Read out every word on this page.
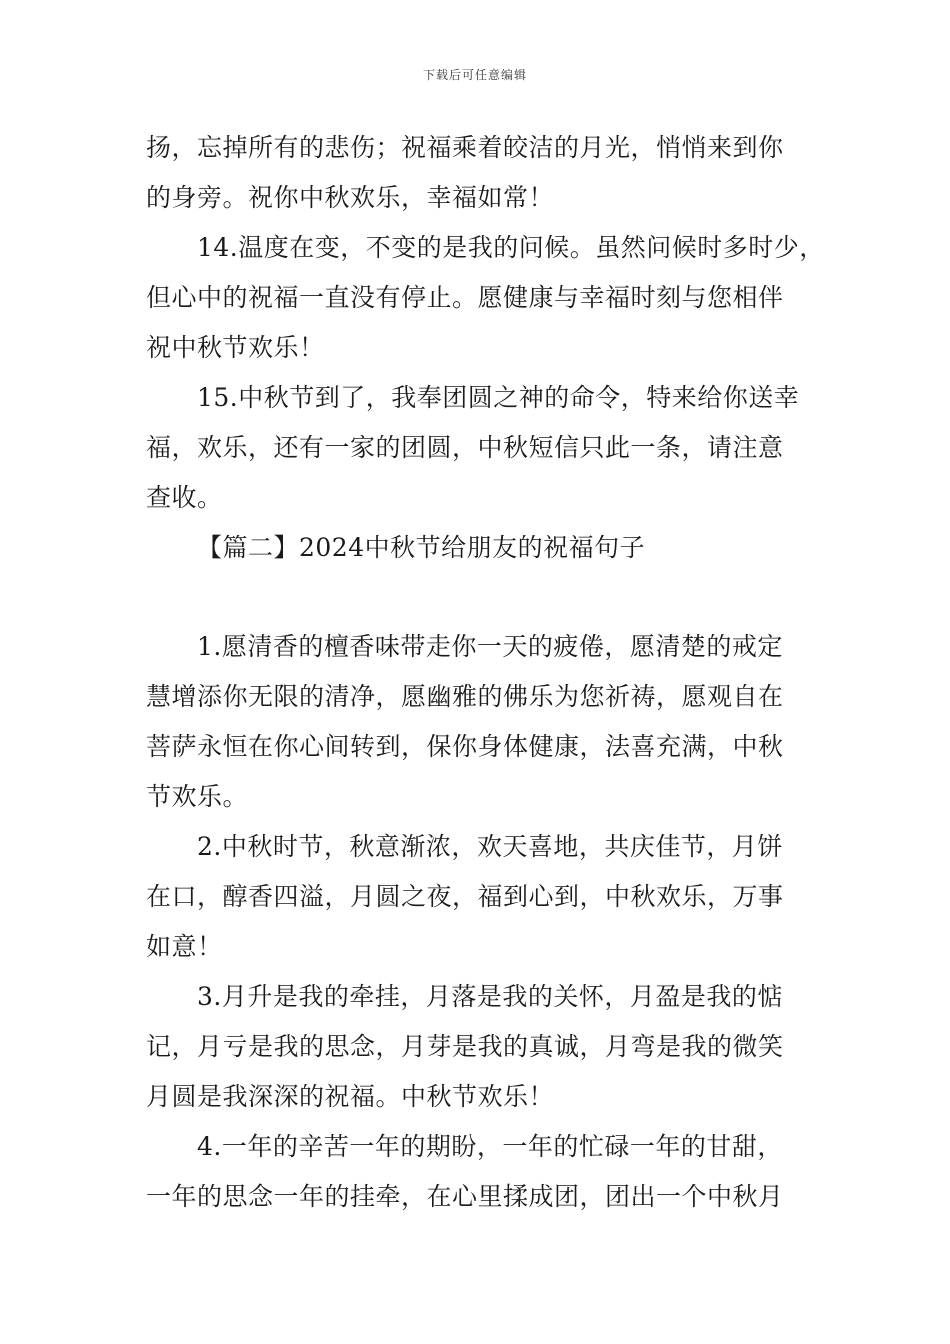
下载后可任意编辑
扬，忘掉所有的悲伤；祝福乘着皎洁的月光，悄悄来到你
的身旁。祝你中秋欢乐，幸福如常！
14.温度在变，不变的是我的问候。虽然问候时多时少，
但心中的祝福一直没有停止。愿健康与幸福时刻与您相伴
祝中秋节欢乐！
15.中秋节到了，我奉团圆之神的命令，特来给你送幸
福，欢乐，还有一家的团圆，中秋短信只此一条，请注意
查收。
【篇二】2024中秋节给朋友的祝福句子
1.愿清香的檀香味带走你一天的疲倦，愿清楚的戒定
慧增添你无限的清净，愿幽雅的佛乐为您祈祷，愿观自在
菩萨永恒在你心间转到，保你身体健康，法喜充满，中秋
节欢乐。
2.中秋时节，秋意渐浓，欢天喜地，共庆佳节，月饼
在口，醇香四溢，月圆之夜，福到心到，中秋欢乐，万事
如意！
3.月升是我的牵挂，月落是我的关怀，月盈是我的惦
记，月亏是我的思念，月芽是我的真诚，月弯是我的微笑
月圆是我深深的祝福。中秋节欢乐！
4.一年的辛苦一年的期盼，一年的忙碌一年的甘甜，
一年的思念一年的挂牵，在心里揉成团，团出一个中秋月
